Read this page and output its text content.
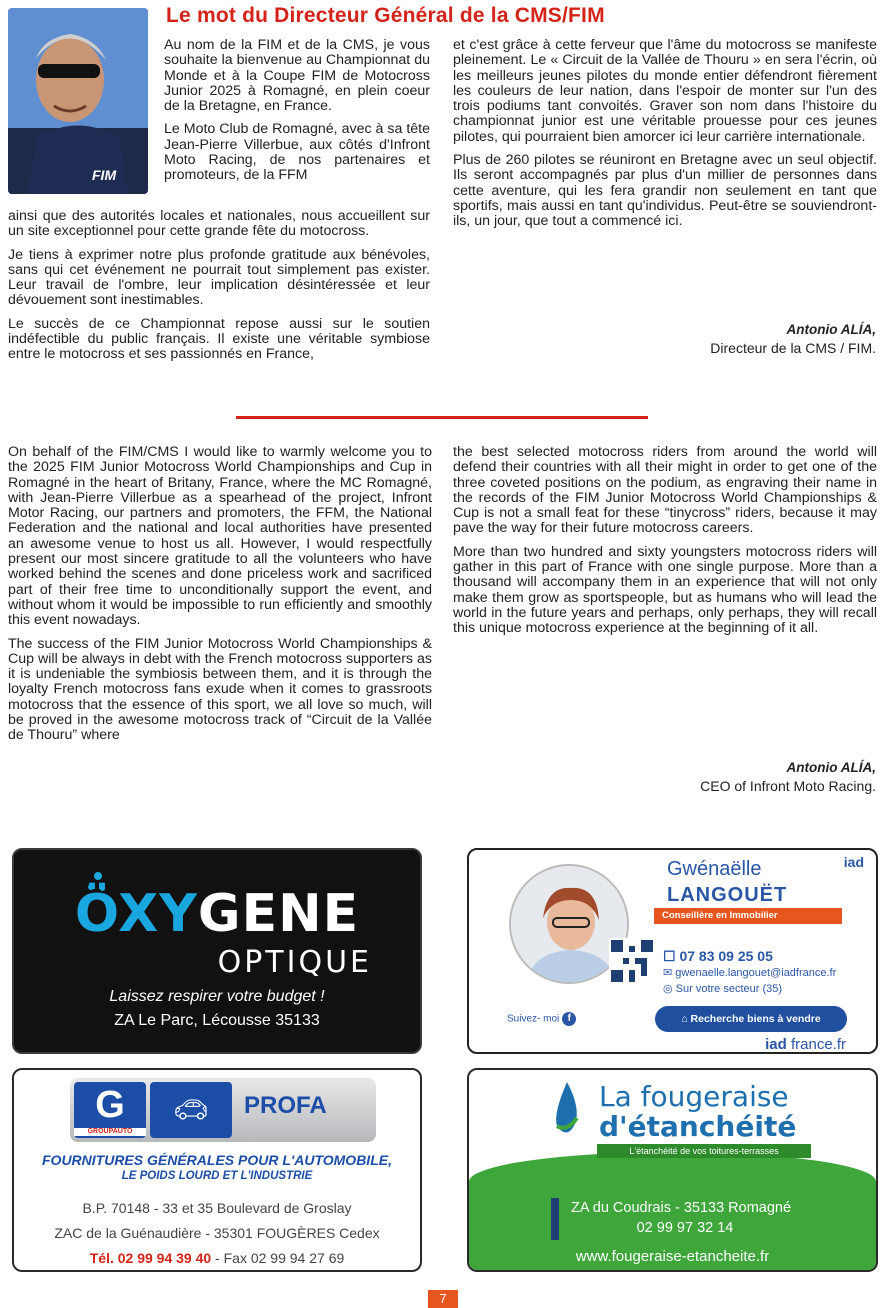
FIM
Le mot du Directeur Général de la CMS/FIM

Au nom de la FIM et de la CMS, je vous souhaite la bienvenue au Championnat du Monde et à la Coupe FIM de Motocross Junior 2025 à Romagné, en plein coeur de la Bretagne, en France.

Le Moto Club de Romagné, avec à sa tête Jean-Pierre Villerbue, aux côtés d'Infront Moto Racing, de nos partenaires et promoteurs, de la FFM

ainsi que des autorités locales et nationales, nous accueillent sur un site exceptionnel pour cette grande fête du motocross.

Je tiens à exprimer notre plus profonde gratitude aux bénévoles, sans qui cet événement ne pourrait tout simplement pas exister. Leur travail de l'ombre, leur implication désintéressée et leur dévouement sont inestimables.

Le succès de ce Championnat repose aussi sur le soutien indéfectible du public français. Il existe une véritable symbiose entre le motocross et ses passionnés en France,

et c'est grâce à cette ferveur que l'âme du motocross se manifeste pleinement. Le « Circuit de la Vallée de Thouru » en sera l'écrin, où les meilleurs jeunes pilotes du monde entier défendront fièrement les couleurs de leur nation, dans l'espoir de monter sur l'un des trois podiums tant convoités. Graver son nom dans l'histoire du championnat junior est une véritable prouesse pour ces jeunes pilotes, qui pourraient bien amorcer ici leur carrière internationale.

Plus de 260 pilotes se réuniront en Bretagne avec un seul objectif. Ils seront accompagnés par plus d'un millier de personnes dans cette aventure, qui les fera grandir non seulement en tant que sportifs, mais aussi en tant qu'individus. Peut-être se souviendront-ils, un jour, que tout a commencé ici.

Antonio ALÍA,
Directeur de la CMS / FIM.

On behalf of the FIM/CMS I would like to warmly welcome you to the 2025 FIM Junior Motocross World Championships and Cup in Romagné in the heart of Britany, France, where the MC Romagné, with Jean-Pierre Villerbue as a spearhead of the project, Infront Motor Racing, our partners and promoters, the FFM, the National Federation and the national and local authorities have presented an awesome venue to host us all. However, I would respectfully present our most sincere gratitude to all the volunteers who have worked behind the scenes and done priceless work and sacrificed part of their free time to unconditionally support the event, and without whom it would be impossible to run efficiently and smoothly this event nowadays.

The success of the FIM Junior Motocross World Championships & Cup will be always in debt with the French motocross supporters as it is undeniable the symbiosis between them, and it is through the loyalty French motocross fans exude when it comes to grassroots motocross that the essence of this sport, we all love so much, will be proved in the awesome motocross track of “Circuit de la Vallée de Thouru” where

the best selected motocross riders from around the world will defend their countries with all their might in order to get one of the three coveted positions on the podium, as engraving their name in the records of the FIM Junior Motocross World Championships & Cup is not a small feat for these “tinycross” riders, because it may pave the way for their future motocross careers.

More than two hundred and sixty youngsters motocross riders will gather in this part of France with one single purpose. More than a thousand will accompany them in an experience that will not only make them grow as sportspeople, but as humans who will lead the world in the future years and perhaps, only perhaps, they will recall this unique motocross experience at the beginning of it all.

Antonio ALÍA,
CEO of Infront Moto Racing.
ÖXYGENE
OPTIQUE
Laissez respirer votre budget !
ZA Le Parc, Lécousse 35133
Gwénaëlle
LANGOUËT
Conseillère en Immobilier
iad
☐ 07 83 09 25 05
✉ gwenaelle.langouet@iadfrance.fr
◎ Sur votre secteur (35)
Suivez- moi f	⌂ Recherche biens à vendre
iad france.fr
G
GROUPAUTO
🚗︎	PROFA
FOURNITURES GÉNÉRALES POUR L'AUTOMOBILE,
LE POIDS LOURD ET L'INDUSTRIE
B.P. 70148 - 33 et 35 Boulevard de Groslay
ZAC de la Guénaudière - 35301 FOUGÈRES Cedex
Tél. 02 99 94 39 40 - Fax 02 99 94 27 69
La fougeraise
d'étanchéité
L'étanchéité de vos toitures-terrasses
ZA du Coudrais - 35133 Romagné
02 99 97 32 14
www.fougeraise-etancheite.fr
7
